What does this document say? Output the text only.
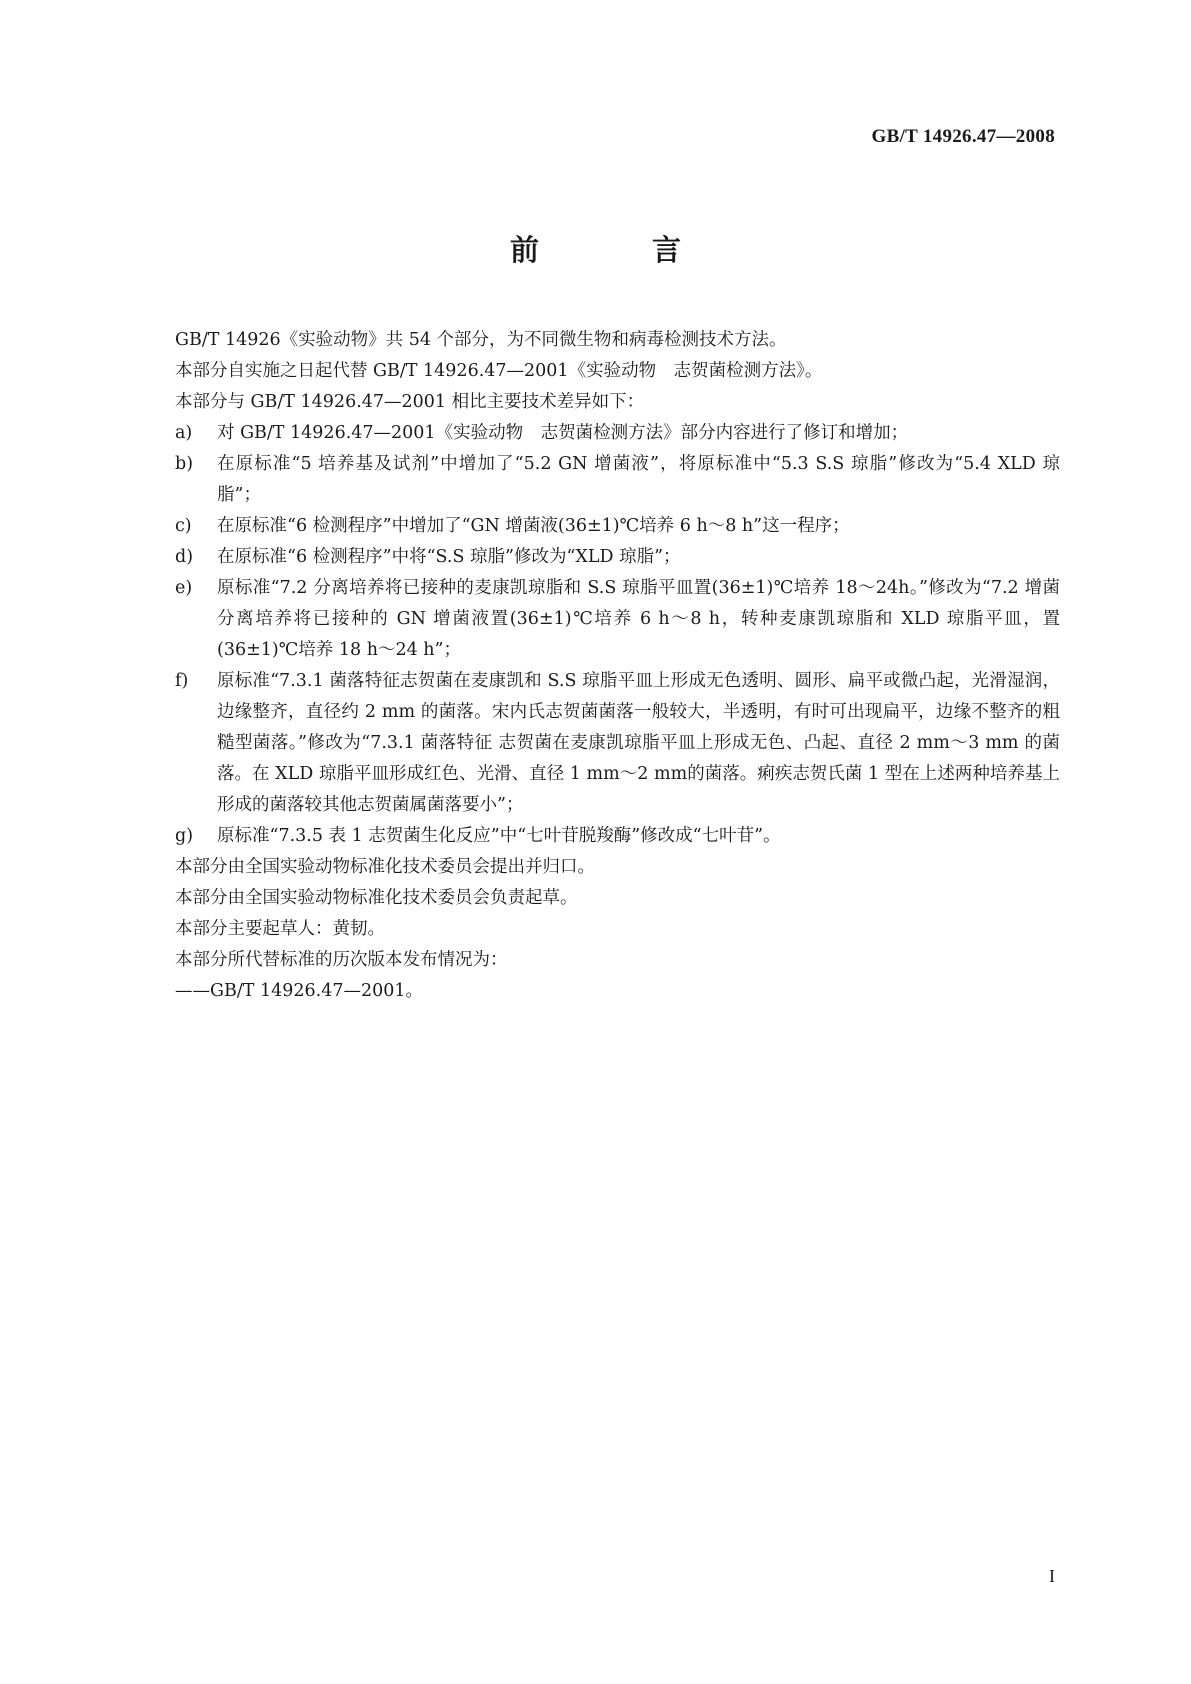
GB/T 14926.47—2008
前　言

GB/T 14926《实验动物》共 54 个部分，为不同微生物和病毒检测技术方法。

本部分自实施之日起代替 GB/T 14926.47—2001《实验动物　志贺菌检测方法》。

本部分与 GB/T 14926.47—2001 相比主要技术差异如下：

a)	对 GB/T 14926.47—2001《实验动物　志贺菌检测方法》部分内容进行了修订和增加；
b)	在原标准“5 培养基及试剂”中增加了“5.2 GN 增菌液”，将原标准中“5.3 S.S 琼脂”修改为“5.4 XLD 琼脂”；
c)	在原标准“6 检测程序”中增加了“GN 增菌液(36±1)℃培养 6 h～8 h”这一程序；
d)	在原标准“6 检测程序”中将“S.S 琼脂”修改为“XLD 琼脂”；
e)	原标准“7.2 分离培养将已接种的麦康凯琼脂和 S.S 琼脂平皿置(36±1)℃培养 18～24h。”修改为“7.2 增菌分离培养将已接种的 GN 增菌液置(36±1)℃培养 6 h～8 h，转种麦康凯琼脂和 XLD 琼脂平皿，置(36±1)℃培养 18 h～24 h”；
f)	原标准“7.3.1 菌落特征志贺菌在麦康凯和 S.S 琼脂平皿上形成无色透明、圆形、扁平或微凸起，光滑湿润，边缘整齐，直径约 2 mm 的菌落。宋内氏志贺菌菌落一般较大，半透明，有时可出现扁平，边缘不整齐的粗糙型菌落。”修改为“7.3.1 菌落特征 志贺菌在麦康凯琼脂平皿上形成无色、凸起、直径 2 mm～3 mm 的菌落。在 XLD 琼脂平皿形成红色、光滑、直径 1 mm～2 mm的菌落。痢疾志贺氏菌 1 型在上述两种培养基上形成的菌落较其他志贺菌属菌落要小”；
g)	原标准“7.3.5 表 1 志贺菌生化反应”中“七叶苷脱羧酶”修改成“七叶苷”。

本部分由全国实验动物标准化技术委员会提出并归口。

本部分由全国实验动物标准化技术委员会负责起草。

本部分主要起草人：黄韧。

本部分所代替标准的历次版本发布情况为：

——GB/T 14926.47—2001。

I
